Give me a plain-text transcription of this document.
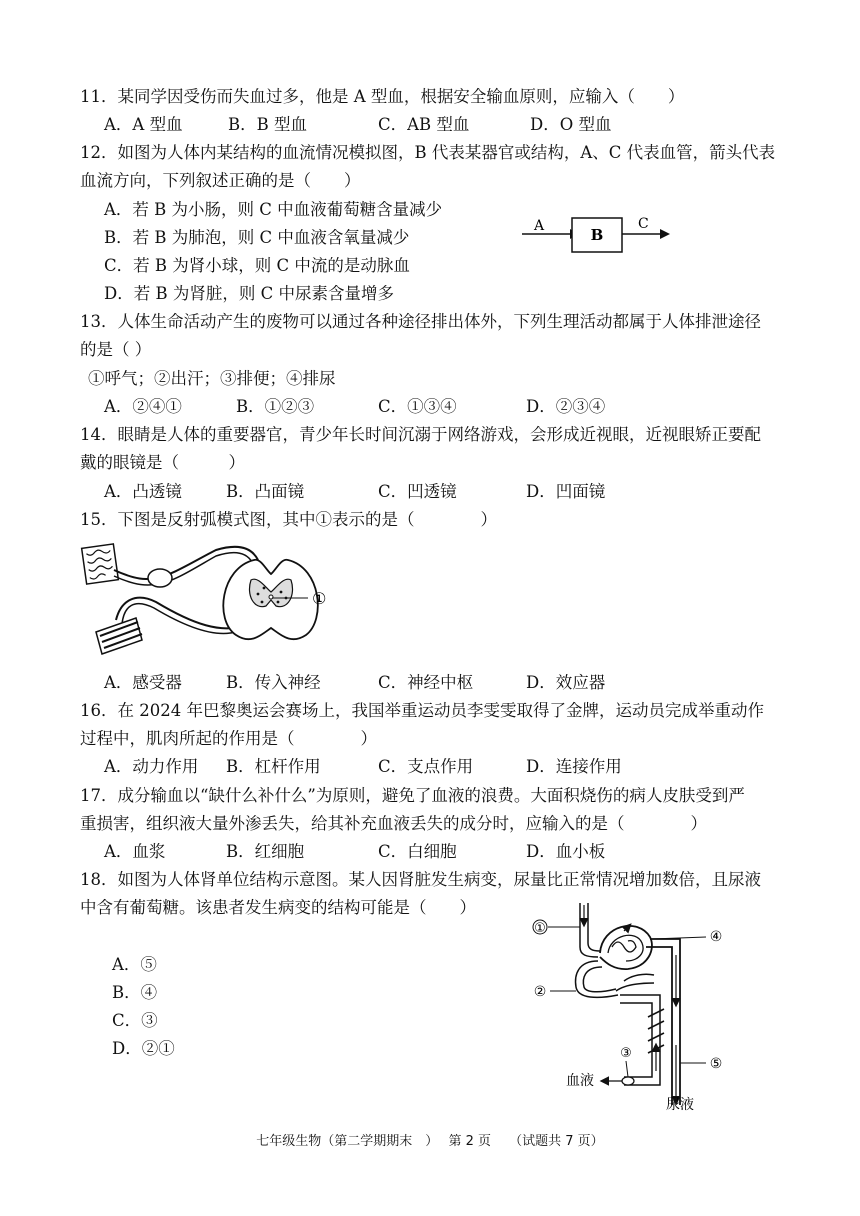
11．某同学因受伤而失血过多，他是 A 型血，根据安全输血原则，应输入（　　）
A．A 型血	B．B 型血	C．AB 型血	D．O 型血
12．如图为人体内某结构的血流情况模拟图，B 代表某器官或结构，A、C 代表血管，箭头代表
血流方向，下列叙述正确的是（　　）
A．若 B 为小肠，则 C 中血液葡萄糖含量减少
B．若 B 为肺泡，则 C 中血液含氧量减少
C．若 B 为肾小球，则 C 中流的是动脉血
D．若 B 为肾脏，则 C 中尿素含量增多
A	B
C
13．人体生命活动产生的废物可以通过各种途径排出体外，下列生理活动都属于人体排泄途径
的是（ ）
①呼气；②出汗；③排便；④排尿
A．②④①	B．①②③	C．①③④	D．②③④
14．眼睛是人体的重要器官，青少年长时间沉溺于网络游戏，会形成近视眼，近视眼矫正要配
戴的眼镜是（　　　）
A．凸透镜	B．凸面镜	C．凹透镜	D．凹面镜
15．下图是反射弧模式图，其中①表示的是（　　　　）
①
A．感受器	B．传入神经	C．神经中枢	D．效应器
16．在 2024 年巴黎奥运会赛场上，我国举重运动员李雯雯取得了金牌，运动员完成举重动作
过程中，肌肉所起的作用是（　　　　）
A．动力作用 B．杠杆作用	C．支点作用	D．连接作用
17．成分输血以“缺什么补什么”为原则，避免了血液的浪费。大面积烧伤的病人皮肤受到严
重损害，组织液大量外渗丢失，给其补充血液丢失的成分时，应输入的是（　　　　）
A．血浆	B．红细胞	C．白细胞	D．血小板
18．如图为人体肾单位结构示意图。某人因肾脏发生病变，尿量比正常情况增加数倍，且尿液
中含有葡萄糖。该患者发生病变的结构可能是（　　）
A．⑤
B．④
C．③
D．②①
①
②
③
④
⑤
血液
尿液
七年级生物（第二学期期末　） 第 2 页 （试题共 7 页）
